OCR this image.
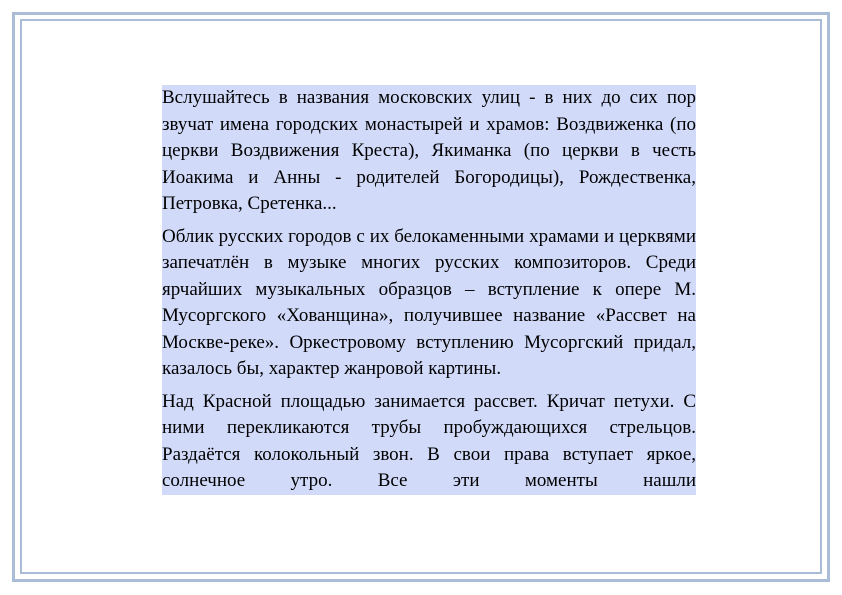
Вслушайтесь в названия московских улиц - в них до сих пор звучат имена городских монастырей и храмов: Воздвиженка (по церкви Воздвижения Креста), Якиманка (по церкви в честь Иоакима и Анны - родителей Богородицы), Рождественка, Петровка, Сретенка...

Облик русских городов с их белокаменными храмами и церквями запечатлён в музыке многих русских композиторов. Среди ярчайших музыкальных образцов – вступление к опере М. Мусоргского «Хованщина», получившее название «Рассвет на Москве-реке». Оркестровому вступлению Мусоргский придал, казалось бы, характер жанровой картины.

Над Красной площадью занимается рассвет. Кричат петухи. С ними перекликаются трубы пробуждающихся стрельцов. Раздаётся колокольный звон. В свои права вступает яркое, солнечное утро. Все эти моменты нашли
